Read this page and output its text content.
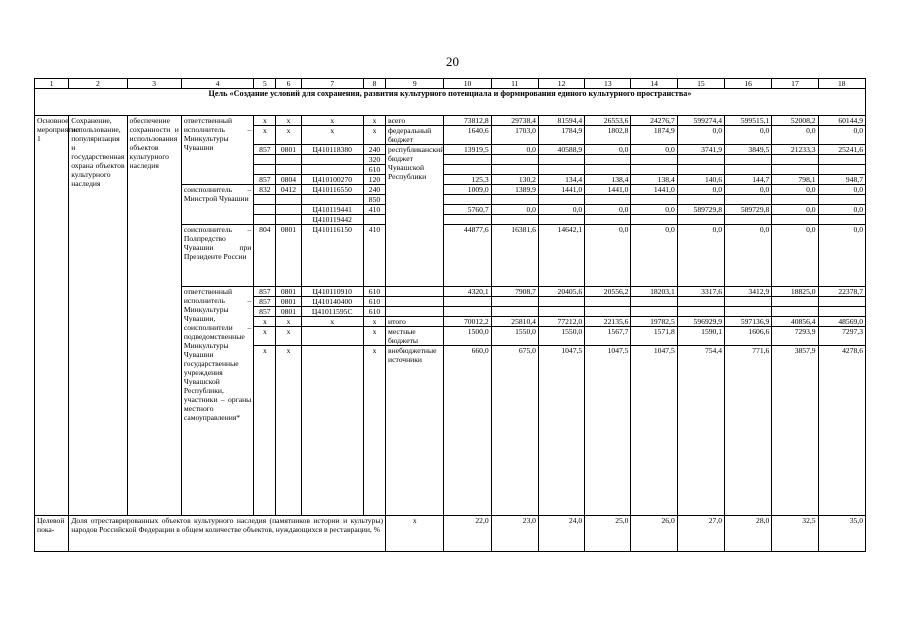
20
1	2	3	4	5	6	7	8	9	10	11	12	13	14	15	16	17	18
Цель «Создание условий для сохранения, развития культурного потенциала и формирования единого культурного пространства»																	
Основное мероприятие 1	Сохранение, использование, популяризация и государственная охрана объектов культурного наследия	обеспечение сохранности и использования объектов культурного наследия	ответственный исполнитель – Минкультуры Чувашии	x	x	x	x	всего	73812,8	29738,4	81594,4	26553,6	24276,7	599274,4	599515,1	52008,2	60144,9
				x	x	x	x	федеральный бюджет	1640,6	1703,0	1784,9	1802,8	1874,9	0,0	0,0	0,0	0,0
				857	0801	Ц410118380	240	республиканский бюджет Чувашской Республики	13919,5	0,0	40588,9	0,0	0,0	3741,9	3849,5	21233,3	25241,6
							320										
							610										
				857	0804	Ц410100270	120		125,3	130,2	134,4	138,4	138,4	140,6	144,7	798,1	948,7
			соисполнитель – Минстрой Чувашии	832	0412	Ц410116550	240		1009,0	1389,9	1441,0	1441,0	1441,0	0,0	0,0	0,0	0,0
							850										
						Ц410119441	410		5760,7	0,0	0,0	0,0	0,0	589729,8	589729,8	0,0	0,0
						Ц410119442											
			соисполнитель – Полпредство Чувашии при Президенте России	804	0801	Ц410116150	410		44877,6	16381,6	14642,1	0,0	0,0	0,0	0,0	0,0	0,0
			ответственный исполнитель – Минкультуры Чувашии, соисполнители – подведомственные Минкультуры Чувашии государственные учреждения Чувашской Республики, участники – органы местного самоуправления*	857	0801	Ц410110910	610		4320,1	7908,7	20405,6	20556,2	18203,1	3317,6	3412,9	18825,0	22378,7
				857	0801	Ц410140400	610										
				857	0801	Ц41011595С	610										
				x	x	x	x	итого	70012,2	25810,4	77212,0	22135,6	19782,5	596929,9	597136,9	40856,4	48569,0
				x	x		x	местные бюджеты	1500,0	1550,0	1550,0	1567,7	1571,8	1590,1	1606,6	7293,9	7297,3
				x	x		x	внебюджетные источники	660,0	675,0	1047,5	1047,5	1047,5	754,4	771,6	3857,9	4278,6
Целевой пока-	Доля отреставрированных объектов культурного наследия (памятников истории и культуры) народов Российской Федерации в общем количестве объектов, нуждающихся в реставрации, %							x	22,0	23,0	24,0	25,0	26,0	27,0	28,0	32,5	35,0
